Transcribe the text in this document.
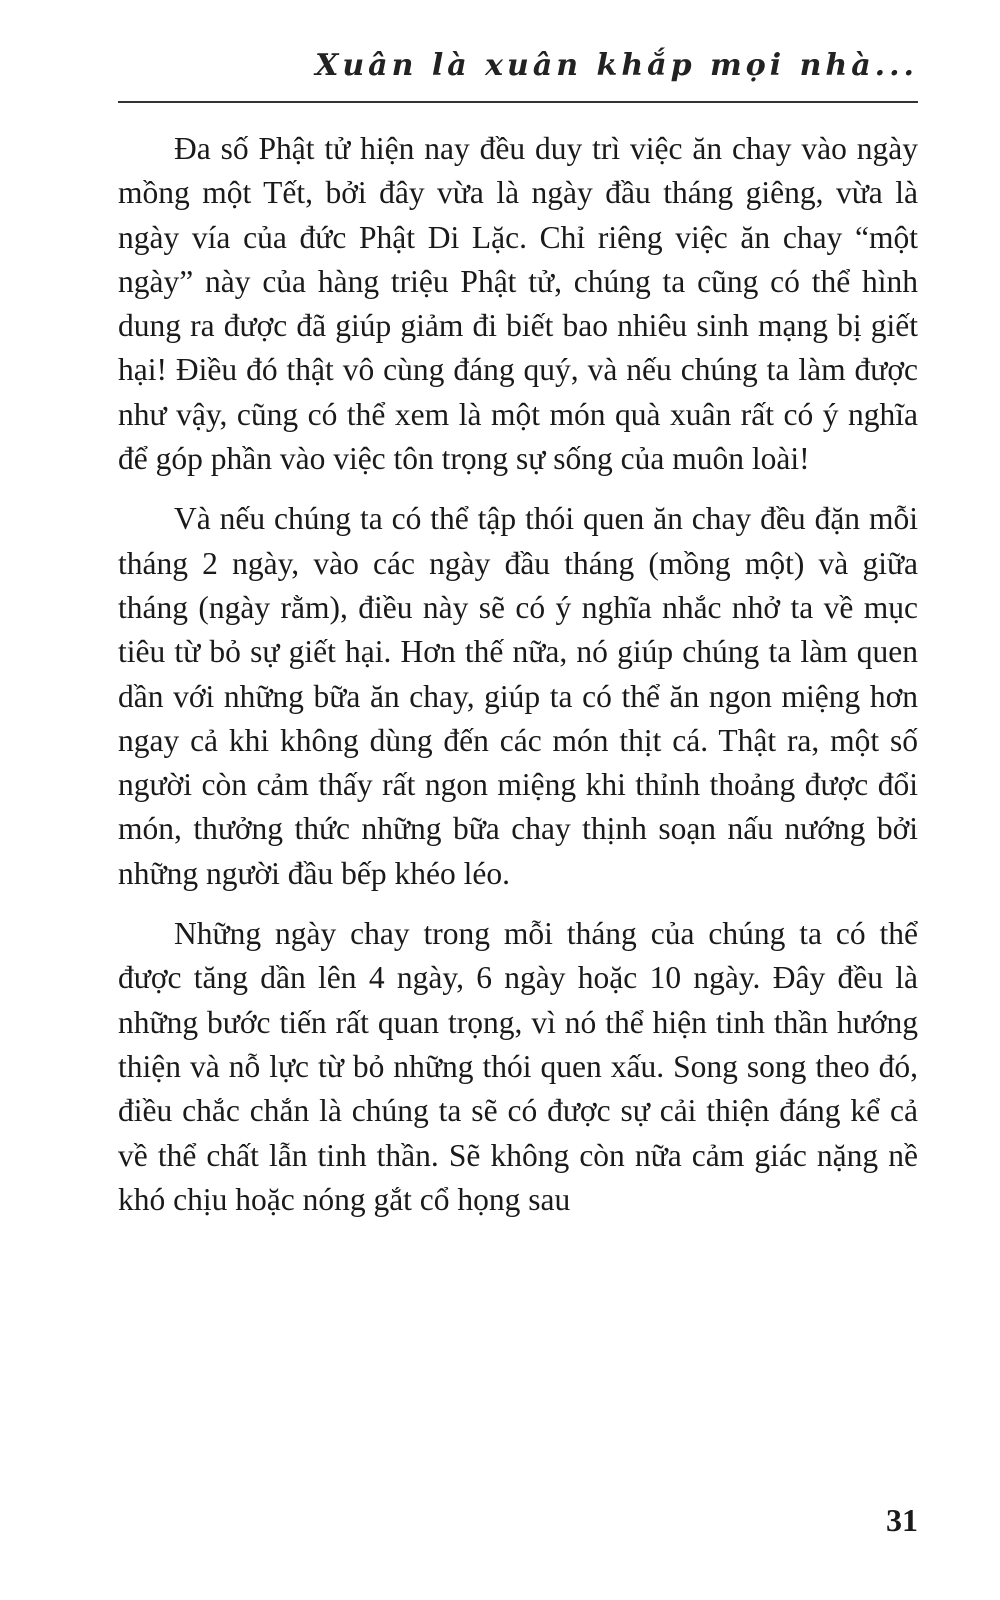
Xuân là xuân khắp mọi nhà...

Đa số Phật tử hiện nay đều duy trì việc ăn chay vào ngày mồng một Tết, bởi đây vừa là ngày đầu tháng giêng, vừa là ngày vía của đức Phật Di Lặc. Chỉ riêng việc ăn chay “một ngày” này của hàng triệu Phật tử, chúng ta cũng có thể hình dung ra được đã giúp giảm đi biết bao nhiêu sinh mạng bị giết hại! Điều đó thật vô cùng đáng quý, và nếu chúng ta làm được như vậy, cũng có thể xem là một món quà xuân rất có ý nghĩa để góp phần vào việc tôn trọng sự sống của muôn loài!

Và nếu chúng ta có thể tập thói quen ăn chay đều đặn mỗi tháng 2 ngày, vào các ngày đầu tháng (mồng một) và giữa tháng (ngày rằm), điều này sẽ có ý nghĩa nhắc nhở ta về mục tiêu từ bỏ sự giết hại. Hơn thế nữa, nó giúp chúng ta làm quen dần với những bữa ăn chay, giúp ta có thể ăn ngon miệng hơn ngay cả khi không dùng đến các món thịt cá. Thật ra, một số người còn cảm thấy rất ngon miệng khi thỉnh thoảng được đổi món, thưởng thức những bữa chay thịnh soạn nấu nướng bởi những người đầu bếp khéo léo.

Những ngày chay trong mỗi tháng của chúng ta có thể được tăng dần lên 4 ngày, 6 ngày hoặc 10 ngày. Đây đều là những bước tiến rất quan trọng, vì nó thể hiện tinh thần hướng thiện và nỗ lực từ bỏ những thói quen xấu. Song song theo đó, điều chắc chắn là chúng ta sẽ có được sự cải thiện đáng kể cả về thể chất lẫn tinh thần. Sẽ không còn nữa cảm giác nặng nề khó chịu hoặc nóng gắt cổ họng sau

31
